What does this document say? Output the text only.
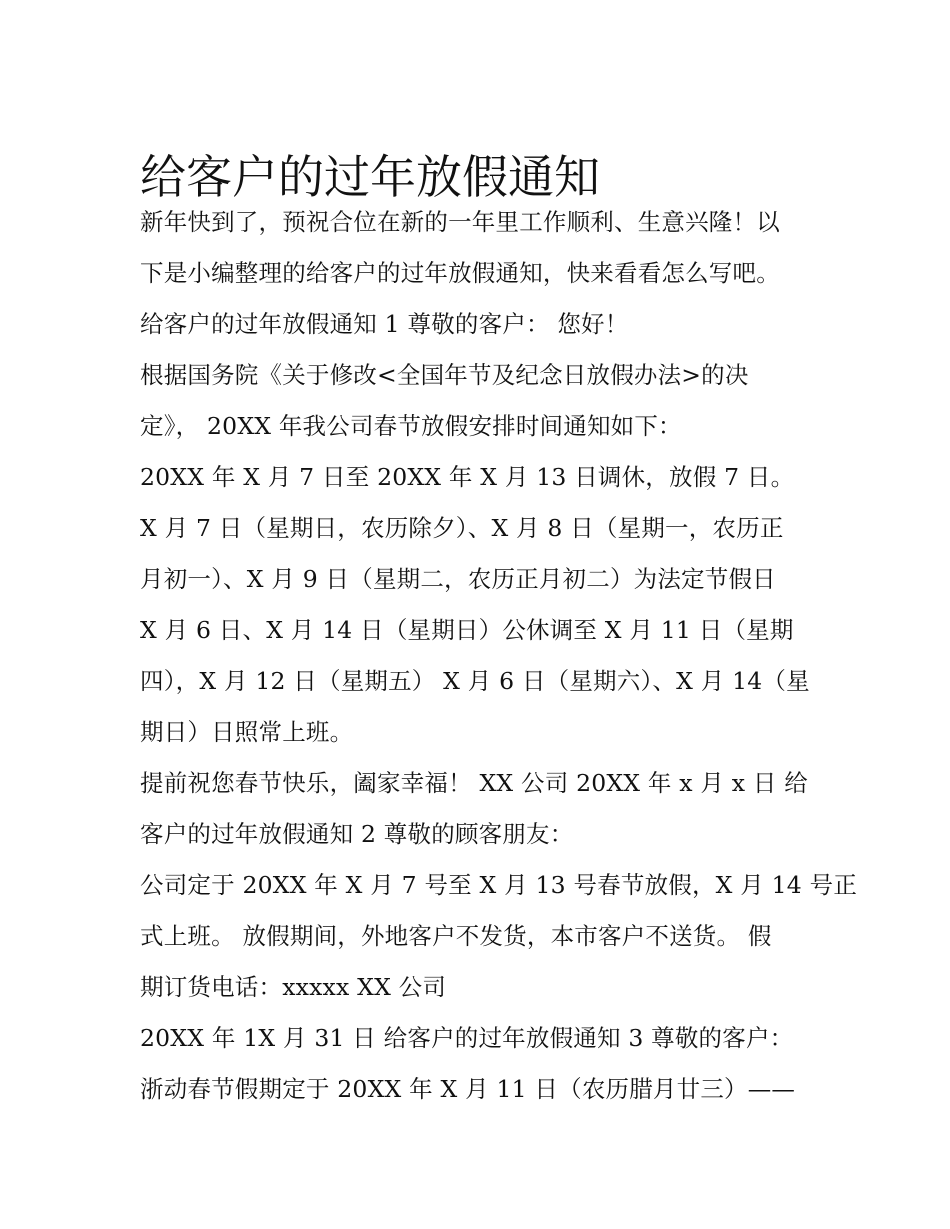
给客户的过年放假通知
新年快到了，预祝合位在新的一年里工作顺利、生意兴隆！以
下是小编整理的给客户的过年放假通知，快来看看怎么写吧。
给客户的过年放假通知 1 尊敬的客户： 您好！
根据国务院《关于修改<全国年节及纪念日放假办法>的决
定》， 20XX 年我公司春节放假安排时间通知如下：
20XX 年 X 月 7 日至 20XX 年 X 月 13 日调休，放假 7 日。
X 月 7 日（星期日，农历除夕）、X 月 8 日（星期一，农历正
月初一）、X 月 9 日（星期二，农历正月初二）为法定节假日
X 月 6 日、X 月 14 日（星期日）公休调至 X 月 11 日（星期
四），X 月 12 日（星期五） X 月 6 日（星期六）、X 月 14（星
期日）日照常上班。
提前祝您春节快乐，阖家幸福！ XX 公司 20XX 年 x 月 x 日 给
客户的过年放假通知 2 尊敬的顾客朋友：
公司定于 20XX 年 X 月 7 号至 X 月 13 号春节放假，X 月 14 号正
式上班。 放假期间，外地客户不发货，本市客户不送货。 假
期订货电话：xxxxx XX 公司
20XX 年 1X 月 31 日 给客户的过年放假通知 3 尊敬的客户：
浙动春节假期定于 20XX 年 X 月 11 日（农历腊月廿三）——
